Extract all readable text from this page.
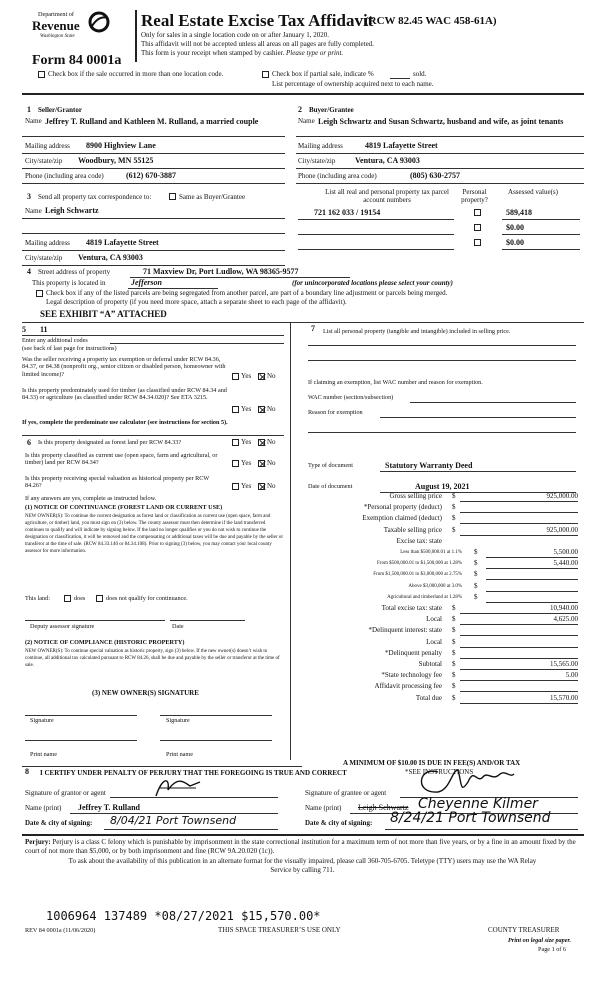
Department of
Revenue
Washington State
Form 84 0001a
Real Estate Excise Tax Affidavit
(RCW 82.45 WAC 458-61A)
Only for sales in a single location code on or after January 1, 2020.
This affidavit will not be accepted unless all areas on all pages are fully completed.
This form is your receipt when stamped by cashier. Please type or print.
Check box if the sale occurred in more than one location code.	Check box if partial sale, indicate %	sold.
List percentage of ownership acquired next to each name.
1 Seller/Grantor
Name Jeffrey T. Rulland and Kathleen M. Rulland, a married couple
Mailing address 8900 Highview Lane
City/state/zip Woodbury, MN 55125
Phone (including area code)	(612) 670-3887
2 Buyer/Grantee
Name Leigh Schwartz and Susan Schwartz, husband and wife, as joint tenants
Mailing address	4819 Lafayette Street
City/state/zip Ventura, CA 93003
Phone (including area code)	(805) 630-2757
3 Send all property tax correspondence to:	Same as Buyer/Grantee
Name Leigh Schwartz
Mailing address 4819 Lafayette Street
City/state/zip Ventura, CA 93003
List all real and personal property tax parcel account numbers
Personal property?
Assessed value(s)
721 162 033 / 19154	589,418
$0.00
$0.00
4 Street address of property	71 Maxview Dr, Port Ludlow, WA 98365-9577
This property is located in	Jefferson	(for unincorporated locations please select your county)
Check box if any of the listed parcels are being segregated from another parcel, are part of a boundary line adjustment or parcels being merged.
Legal description of property (if you need more space, attach a separate sheet to each page of the affidavit).
SEE EXHIBIT “A” ATTACHED
5 11
Enter any additional codes
(see back of last page for instructions)
Was the seller receiving a property tax exemption or deferral under RCW 84.36, 84.37, or 84.38 (nonprofit org., senior citizen or disabled person, homeowner with limited income)?	Yes No
Is this property predominately used for timber (as classified under RCW 84.34 and 84.33) or agriculture (as classified under RCW 84.34.020)? See ETA 3215.
Yes No
If yes, complete the predominate use calculator (see instructions for section 5).
6 Is this property designated as forest land per RCW 84.33?	Yes No
Is this property classified as current use (open space, farm and agricultural, or timber) land per RCW 84.34?	Yes No
Is this property receiving special valuation as historical property per RCW 84.26?	Yes No
If any answers are yes, complete as instructed below.
(1) NOTICE OF CONTINUANCE (FOREST LAND OR CURRENT USE)
NEW OWNER(S): To continue the current designation as forest land or classification as current use (open space, farm and agriculture, or timber) land, you must sign on (3) below. The county assessor must then determine if the land transferred continues to qualify and will indicate by signing below. If the land no longer qualifies or you do not wish to continue the designation or classification, it will be removed and the compensating or additional taxes will be due and payable by the seller or transferor at the time of sale. (RCW 84.33.140 or 84.34.108). Prior to signing (3) below, you may contact your local county assessor for more information.
This land:	does	does not qualify for continuance.
Deputy assessor signature	Date
(2) NOTICE OF COMPLIANCE (HISTORIC PROPERTY)
NEW OWNER(S): To continue special valuation as historic property, sign (3) below. If the new owner(s) doesn’t wish to continue, all additional tax calculated pursuant to RCW 84.26, shall be due and payable by the seller or transferor at the time of sale.
(3) NEW OWNER(S) SIGNATURE
Signature	Signature
Print name	Print name
7 List all personal property (tangible and intangible) included in selling price.
If claiming an exemption, list WAC number and reason for exemption.
WAC number (section/subsection)
Reason for exemption
Type of document	Statutory Warranty Deed
Date of document	August 19, 2021
Gross selling price $	925,000.00
*Personal property (deduct) $
Exemption claimed (deduct) $
Taxable selling price $	925,000.00
Excise tax: state
Less than $500,000.01 at 1.1% $	5,500.00
From $500,000.01 to $1,500,000 at 1.28% $	5,440.00
From $1,500,000.01 to $3,000,000 at 2.75% $
Above $3,000,000 at 3.0% $
Agricultural and timberland at 1.28% $
Total excise tax: state $	10,940.00
Local $	4,625.00
*Delinquent interest: state $
Local $
*Delinquent penalty $
Subtotal $	15,565.00
*State technology fee $	5.00
Affidavit processing fee $
Total due $	15,570.00
A MINIMUM OF $10.00 IS DUE IN FEE(S) AND/OR TAX
*SEE INSTRUCTIONS
8 I CERTIFY UNDER PENALTY OF PERJURY THAT THE FOREGOING IS TRUE AND CORRECT
Signature of grantor or agent	Signature of grantee or agent
Name (print) Jeffrey T. Rulland	Name (print) Leigh Schwartz Cheyenne Kilmer
Date & city of signing: 8/04/21 Port Townsend	Date & city of signing: 8/24/21 Port Townsend
Perjury: Perjury is a class C felony which is punishable by imprisonment in the state correctional institution for a maximum term of not more than five years, or by a fine in an amount fixed by the court of not more than $5,000, or by both imprisonment and fine (RCW 9A.20.020 (1c)).
To ask about the availability of this publication in an alternate format for the visually impaired, please call 360-705-6705. Teletype (TTY) users may use the WA Relay Service by calling 711.
1006964 137489 *08/27/2021 $15,570.00*
REV 84 0001a (11/06/2020)	THIS SPACE TREASURER’S USE ONLY	COUNTY TREASURER
Print on legal size paper.
Page 1 of 6
